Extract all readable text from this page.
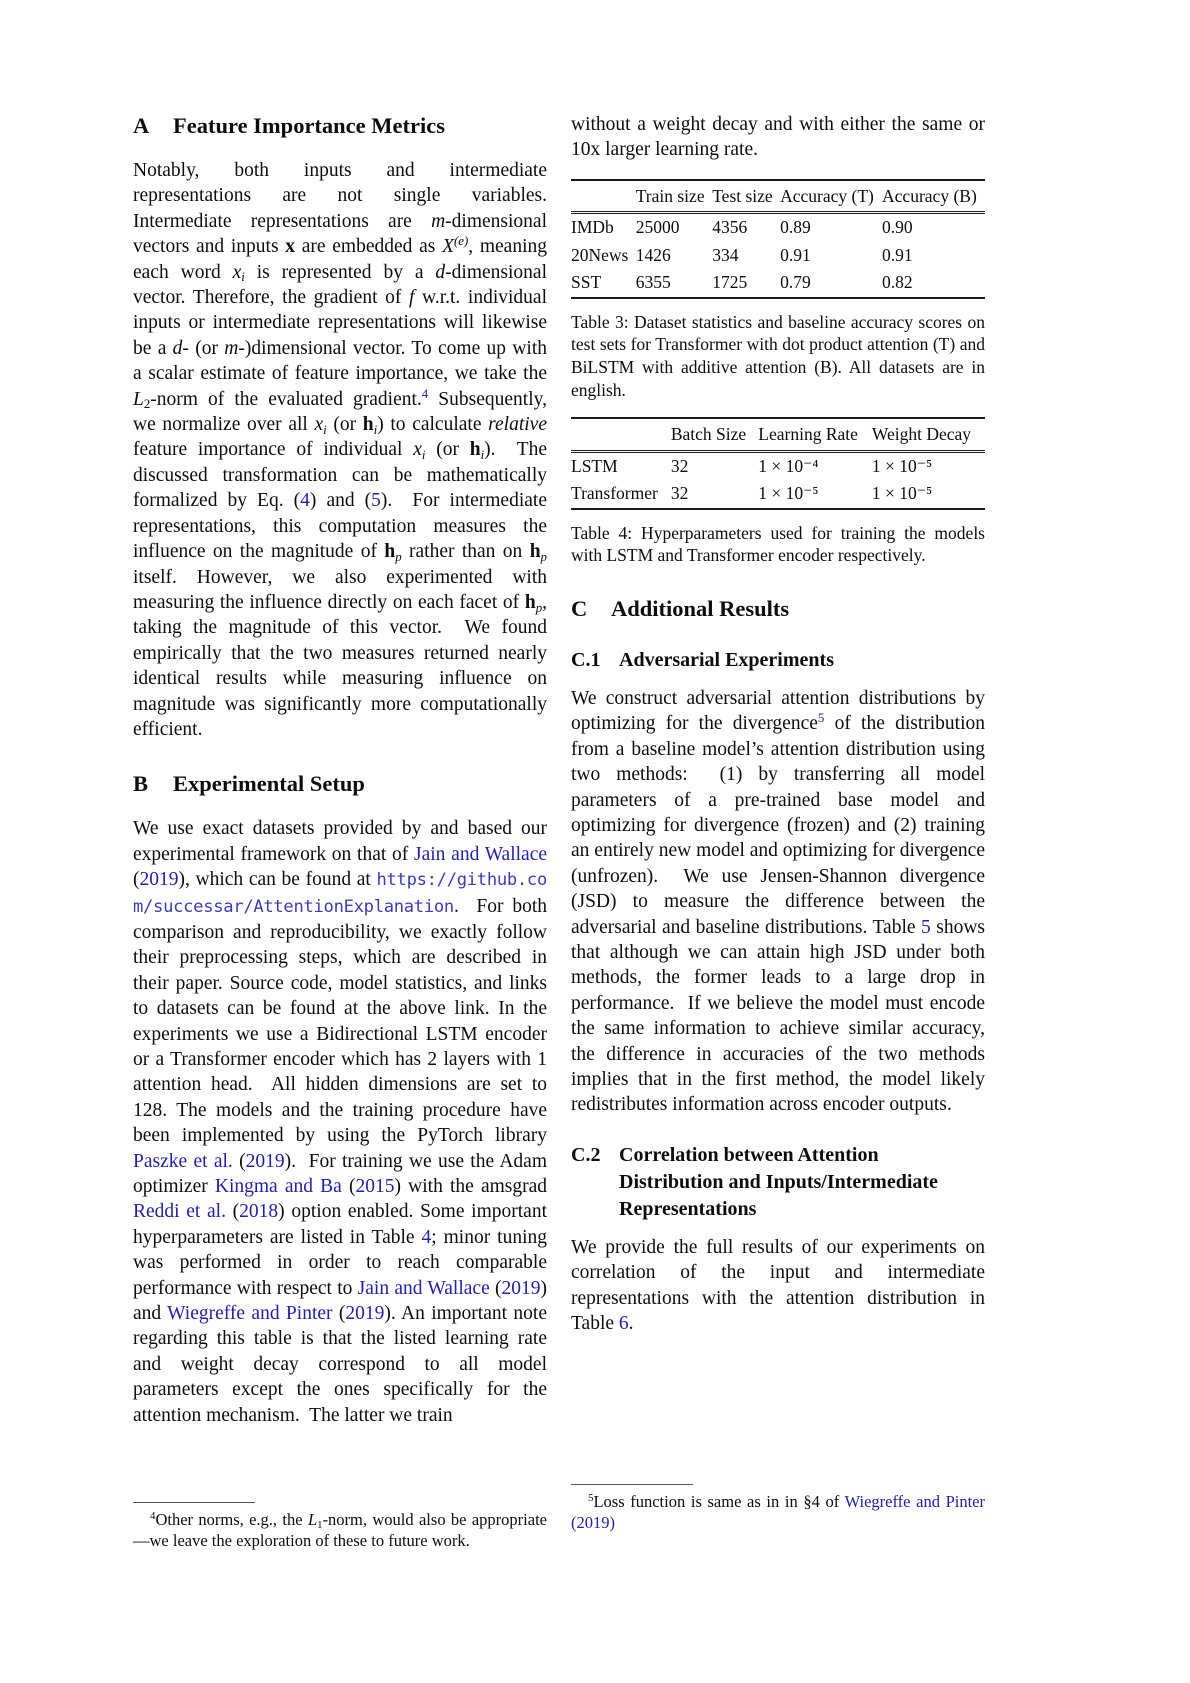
A	Feature Importance Metrics

Notably, both inputs and intermediate representations are not single variables.  Intermediate representations are m-dimensional vectors and inputs x are embedded as $X^{(e)}$, meaning each word xi is represented by a d-dimensional vector. Therefore, the gradient of f w.r.t. individual inputs or intermediate representations will likewise be a d- (or m-)dimensional vector. To come up with a scalar estimate of feature importance, we take the L2-norm of the evaluated gradient.$^4$ Subsequently, we normalize over all xi (or hi) to calculate relative feature importance of individual xi (or hi).  The discussed transformation can be mathematically formalized by Eq. (4) and (5).  For intermediate representations, this computation measures the influence on the magnitude of hp rather than on hp itself. However, we also experimented with measuring the influence directly on each facet of hp, taking the magnitude of this vector.  We found empirically that the two measures returned nearly identical results while measuring influence on magnitude was significantly more computationally efficient.

B	Experimental Setup

We use exact datasets provided by and based our experimental framework on that of Jain and Wallace (2019), which can be found at https://github.com/successar/AttentionExplanation.  For both comparison and reproducibility, we exactly follow their preprocessing steps, which are described in their paper. Source code, model statistics, and links to datasets can be found at the above link. In the experiments we use a Bidirectional LSTM encoder or a Transformer encoder which has 2 layers with 1 attention head.  All hidden dimensions are set to 128. The models and the training procedure have been implemented by using the PyTorch library Paszke et al. (2019).  For training we use the Adam optimizer Kingma and Ba (2015) with the amsgrad Reddi et al. (2018) option enabled. Some important hyperparameters are listed in Table 4; minor tuning was performed in order to reach comparable performance with respect to Jain and Wallace (2019) and Wiegreffe and Pinter (2019). An important note regarding this table is that the listed learning rate and weight decay correspond to all model parameters except the ones specifically for the attention mechanism.  The latter we train

without a weight decay and with either the same or 10x larger learning rate.

	Train size	Test size	Accuracy (T)	Accuracy (B)
IMDb	25000	4356	0.89	0.90
20News	1426	334	0.91	0.91
SST	6355	1725	0.79	0.82

Table 3: Dataset statistics and baseline accuracy scores on test sets for Transformer with dot product attention (T) and BiLSTM with additive attention (B). All datasets are in english.

	Batch Size	Learning Rate	Weight Decay
LSTM	32	1 × 10⁻⁴	1 × 10⁻⁵
Transformer	32	1 × 10⁻⁵	1 × 10⁻⁵

Table 4: Hyperparameters used for training the models with LSTM and Transformer encoder respectively.

C	Additional Results
C.1 Adversarial Experiments

We construct adversarial attention distributions by optimizing for the divergence$^5$ of the distribution from a baseline model’s attention distribution using two methods:  (1) by transferring all model parameters of a pre-trained base model and optimizing for divergence (frozen) and (2) training an entirely new model and optimizing for divergence (unfrozen).  We use Jensen-Shannon divergence (JSD) to measure the difference between the adversarial and baseline distributions. Table 5 shows that although we can attain high JSD under both methods, the former leads to a large drop in performance.  If we believe the model must encode the same information to achieve similar accuracy, the difference in accuracies of the two methods implies that in the first method, the model likely redistributes information across encoder outputs.

C.2 Correlation between Attention Distribution and Inputs/Intermediate Representations

We provide the full results of our experiments on correlation of the input and intermediate representations with the attention distribution in Table 6.

$^4$Other norms, e.g., the L1-norm, would also be appropriate—we leave the exploration of these to future work.

$^5$Loss function is same as in in §4 of Wiegreffe and Pinter (2019)
